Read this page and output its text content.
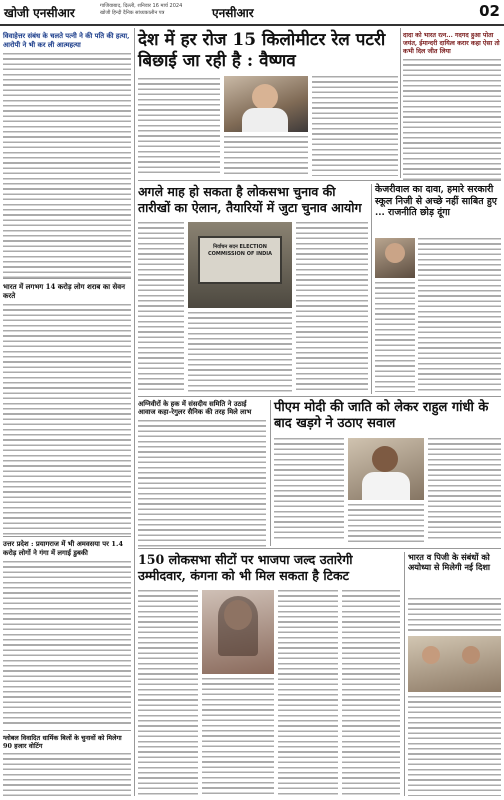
खोजी एनसीआर	गाजियाबाद, दिल्ली, शनिवार 16 मार्च 2024
खोजी हिन्दी दैनिक सांध्यकालीन पत्र	एनसीआर	02
विवाहेत्तर संबंध के चलते पत्नी ने की पति की हत्या, आरोपी ने भी कर ली आत्महत्या
भारत में लगभग 14 करोड़ लोग शराब का सेवन करते
उत्तर प्रदेश : प्रयागराज में भी अमवसया पर 1.4 करोड़ लोगों ने गंगा में लगाई डुबकी
ग्लोबल विवादित धार्मिक बिलों के चुनावों को मिलेगा 90 हजार वोटिंग
देश में हर रोज 15 किलोमीटर रेल पटरी बिछाई जा रही है : वैष्णव
दादा को भारत रत्न... गदगद हुआ पोता जयंत, ईमान्दरी दायित्व करार कहा ऐसा तो कभी दिल जीत लिया
अगले माह हो सकता है लोकसभा चुनाव की तारीखों का ऐलान, तैयारियों में जुटा चुनाव आयोग
निर्वाचन सदन ELECTION COMMISSION OF INDIA
केजरीवाल का दावा, हमारे सरकारी स्कूल निजी से अच्छे नहीं साबित हुए ... राजनीति छोड़ दूंगा
अग्निवीरों के हक में संसदीय समिति ने उठाई आवाज कहा-रेगुलर सैनिक की तरह मिले लाभ	पीएम मोदी की जाति को लेकर राहुल गांधी के बाद खड़गे ने उठाए सवाल
150 लोकसभा सीटों पर भाजपा जल्द उतारेगी उम्मीदवार, कंगना को भी मिल सकता है टिकट
भारत व पिजी के संबंधों को अयोध्या से मिलेगी नई दिशा
